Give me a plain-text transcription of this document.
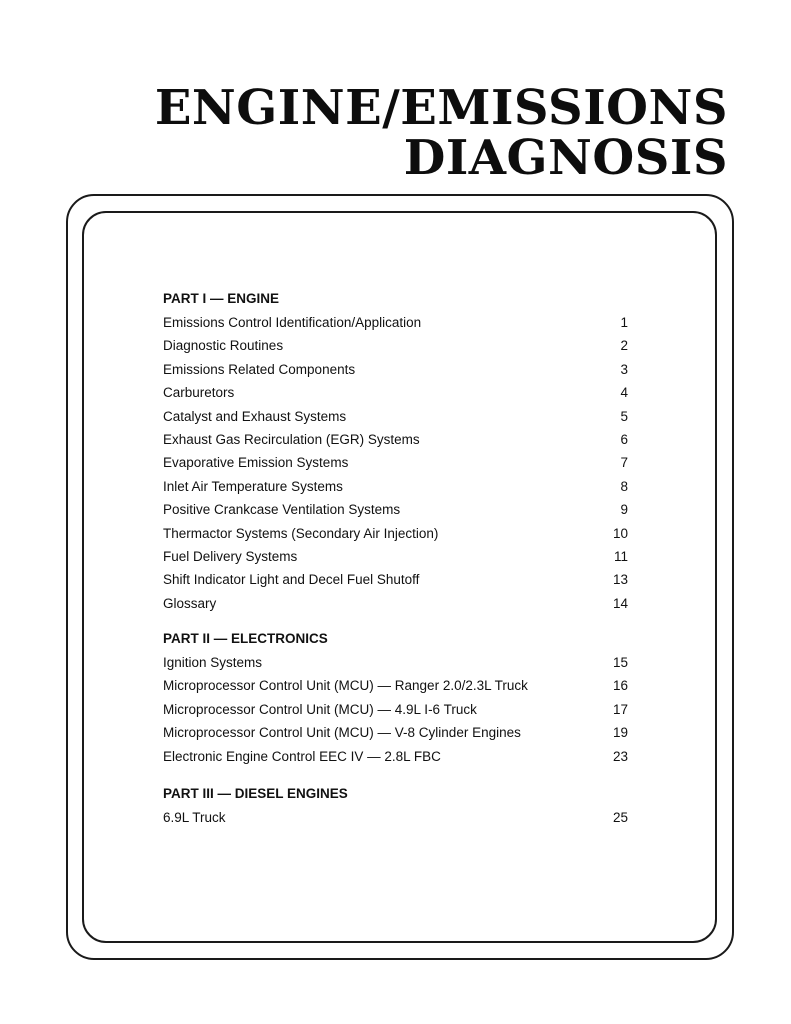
ENGINE/EMISSIONS
DIAGNOSIS
PART I — ENGINE
Emissions Control Identification/Application	1
Diagnostic Routines	2
Emissions Related Components	3
Carburetors	4
Catalyst and Exhaust Systems	5
Exhaust Gas Recirculation (EGR) Systems	6
Evaporative Emission Systems	7
Inlet Air Temperature Systems	8
Positive Crankcase Ventilation Systems	9
Thermactor Systems (Secondary Air Injection)	10
Fuel Delivery Systems	11
Shift Indicator Light and Decel Fuel Shutoff	13
Glossary	14
PART II — ELECTRONICS
Ignition Systems	15
Microprocessor Control Unit (MCU) — Ranger 2.0/2.3L Truck	16
Microprocessor Control Unit (MCU) — 4.9L I-6 Truck	17
Microprocessor Control Unit (MCU) — V-8 Cylinder Engines	19
Electronic Engine Control EEC IV — 2.8L FBC	23
PART III — DIESEL ENGINES
6.9L Truck	25
